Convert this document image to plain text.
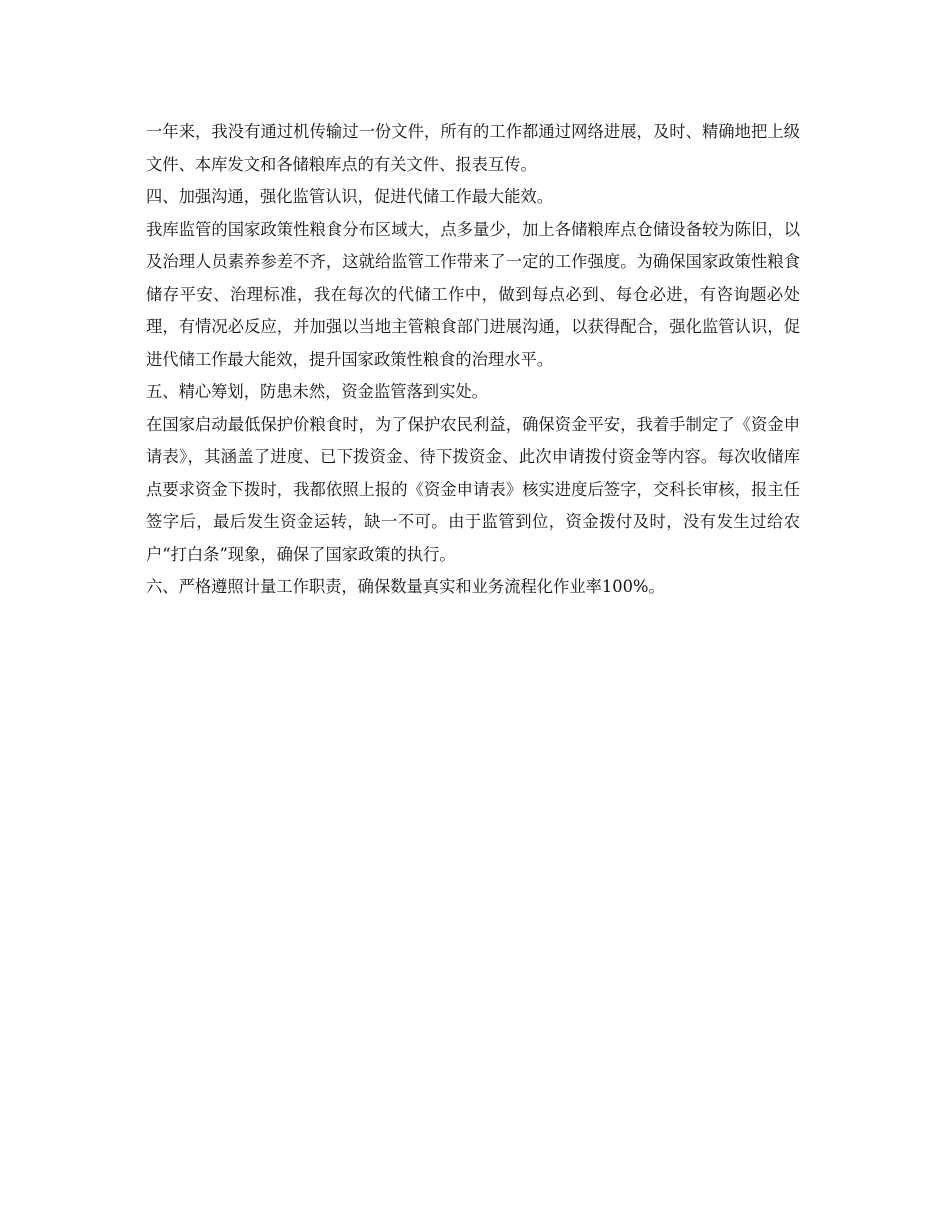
一年来，我没有通过机传输过一份文件，所有的工作都通过网络进展，及时、精确地把上级文件、本库发文和各储粮库点的有关文件、报表互传。

四、加强沟通，强化监管认识，促进代储工作最大能效。

我库监管的国家政策性粮食分布区域大，点多量少，加上各储粮库点仓储设备较为陈旧，以及治理人员素养参差不齐，这就给监管工作带来了一定的工作强度。为确保国家政策性粮食储存平安、治理标准，我在每次的代储工作中，做到每点必到、每仓必进，有咨询题必处理，有情况必反应，并加强以当地主管粮食部门进展沟通，以获得配合，强化监管认识，促进代储工作最大能效，提升国家政策性粮食的治理水平。

五、精心筹划，防患未然，资金监管落到实处。

在国家启动最低保护价粮食时，为了保护农民利益，确保资金平安，我着手制定了《资金申请表》，其涵盖了进度、已下拨资金、待下拨资金、此次申请拨付资金等内容。每次收储库点要求资金下拨时，我都依照上报的《资金申请表》核实进度后签字，交科长审核，报主任签字后，最后发生资金运转，缺一不可。由于监管到位，资金拨付及时，没有发生过给农户“打白条”现象，确保了国家政策的执行。

六、严格遵照计量工作职责，确保数量真实和业务流程化作业率100%。
